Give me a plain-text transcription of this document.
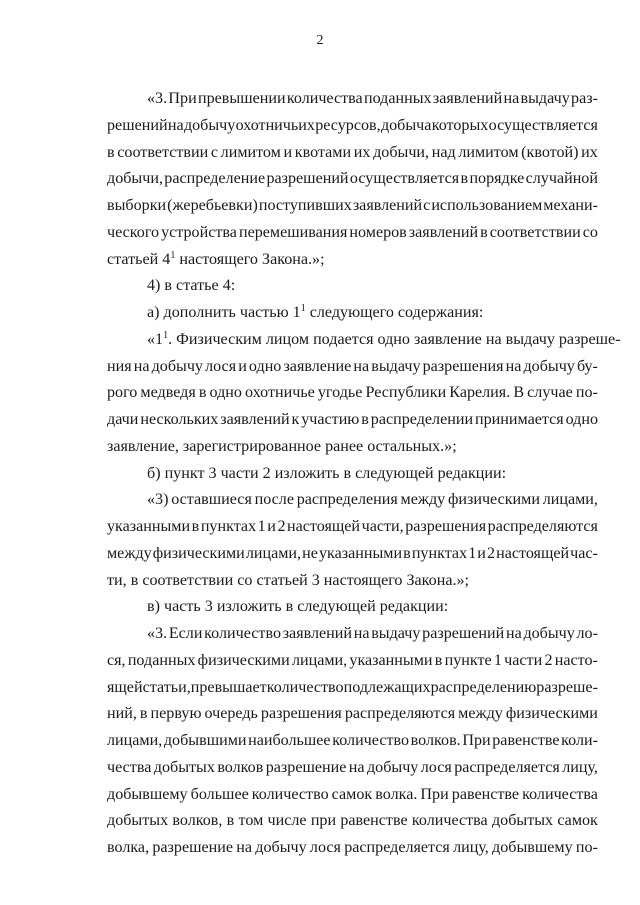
2

«3. При превышении количества поданных заявлений на выдачу раз-
решений на добычу охотничьих ресурсов, добыча которых осуществляется
в соответствии с лимитом и квотами их добычи, над лимитом (квотой) их
добычи, распределение разрешений осуществляется в порядке случайной
выборки (жеребьевки) поступивших заявлений с использованием механи-
ческого устройства перемешивания номеров заявлений в соответствии со
статьей $4^1$ настоящего Закона.»;

4) в статье 4:

а) дополнить частью $1^1$ следующего содержания:

«$1^1$. Физическим лицом подается одно заявление на выдачу разреше-
ния на добычу лося и одно заявление на выдачу разрешения на добычу бу-
рого медведя в одно охотничье угодье Республики Карелия. В случае по-
дачи нескольких заявлений к участию в распределении принимается одно
заявление, зарегистрированное ранее остальных.»;

б) пункт 3 части 2 изложить в следующей редакции:

«3) оставшиеся после распределения между физическими лицами,
указанными в пунктах 1 и 2 настоящей части, разрешения распределяются
между физическими лицами, не указанными в пунктах 1 и 2 настоящей час-
ти, в соответствии со статьей 3 настоящего Закона.»;

в) часть 3 изложить в следующей редакции:

«3. Если количество заявлений на выдачу разрешений на добычу ло-
ся, поданных физическими лицами, указанными в пункте 1 части 2 насто-
ящей статьи, превышает количество подлежащих распределению разреше-
ний, в первую очередь разрешения распределяются между физическими
лицами, добывшими наибольшее количество волков. При равенстве коли-
чества добытых волков разрешение на добычу лося распределяется лицу,
добывшему большее количество самок волка. При равенстве количества
добытых волков, в том числе при равенстве количества добытых самок
волка, разрешение на добычу лося распределяется лицу, добывшему по-
